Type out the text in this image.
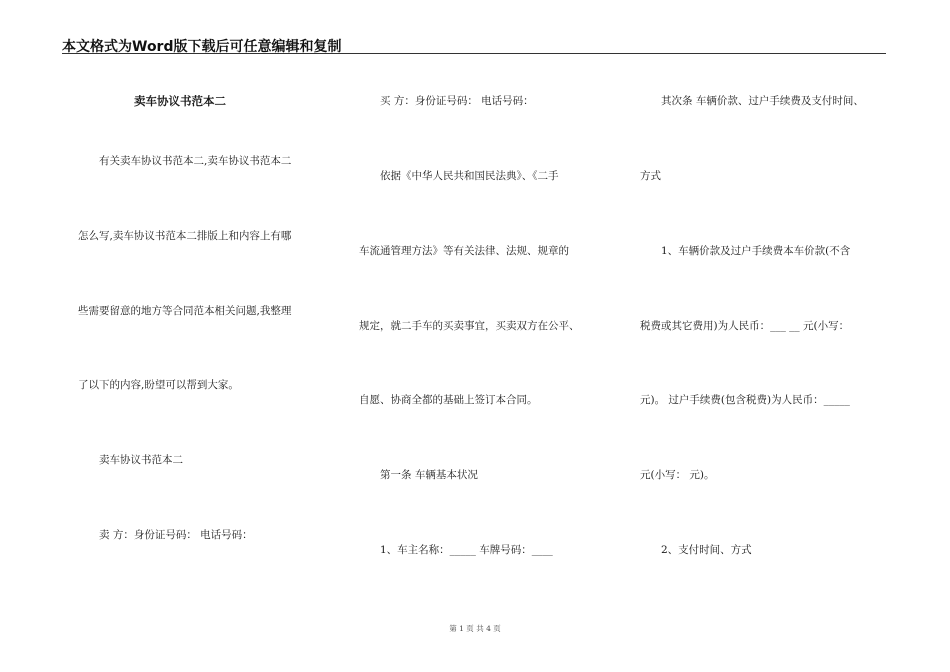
本文格式为Word版下载后可任意编辑和复制
卖车协议书范本二
有关卖车协议书范本二,卖车协议书范本二
怎么写,卖车协议书范本二排版上和内容上有哪
些需要留意的地方等合同范本相关问题,我整理
了以下的内容,盼望可以帮到大家。
卖车协议书范本二
卖 方：身份证号码： 电话号码：
买 方：身份证号码： 电话号码：
依据《中华人民共和国民法典》、《二手
车流通管理方法》等有关法律、法规、规章的
规定，就二手车的买卖事宜，买卖双方在公平、
自愿、协商全都的基础上签订本合同。
第一条 车辆基本状况
1、车主名称：_____ 车牌号码：____
其次条 车辆价款、过户手续费及支付时间、
方式
1、车辆价款及过户手续费本车价款(不含
税费或其它费用)为人民币：___ __ 元(小写：
元)。 过户手续费(包含税费)为人民币：_____
元(小写： 元)。
2、支付时间、方式
第 1 页 共 4 页
